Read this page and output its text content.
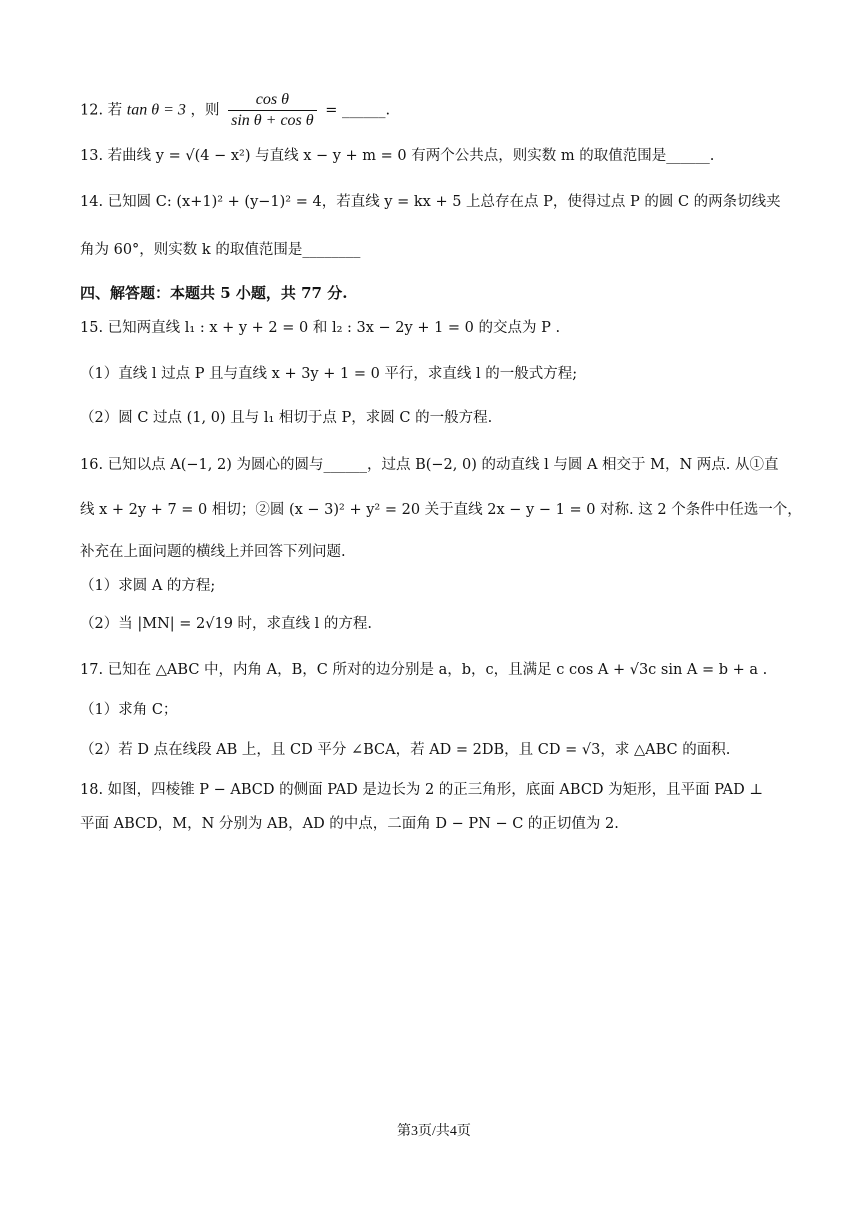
12. 若 tan θ = 3 ，则 $\frac{\text{cos θ}}{\text{sin θ + cos θ}}$ = ______.
13. 若曲线 y = √(4 − x²) 与直线 x − y + m = 0 有两个公共点，则实数 m 的取值范围是______.
14. 已知圆 C: (x+1)² + (y−1)² = 4，若直线 y = kx + 5 上总存在点 P，使得过点 P 的圆 C 的两条切线夹
角为 60°，则实数 k 的取值范围是________
四、解答题：本题共 5 小题，共 77 分.
15. 已知两直线 l₁ : x + y + 2 = 0 和 l₂ : 3x − 2y + 1 = 0 的交点为 P .
（1）直线 l 过点 P 且与直线 x + 3y + 1 = 0 平行，求直线 l 的一般式方程;
（2）圆 C 过点 (1, 0) 且与 l₁ 相切于点 P，求圆 C 的一般方程.
16. 已知以点 A(−1, 2) 为圆心的圆与______，过点 B(−2, 0) 的动直线 l 与圆 A 相交于 M，N 两点. 从①直
线 x + 2y + 7 = 0 相切；②圆 (x − 3)² + y² = 20 关于直线 2x − y − 1 = 0 对称. 这 2 个条件中任选一个，
补充在上面问题的横线上并回答下列问题.
（1）求圆 A 的方程;
（2）当 |MN| = 2√19 时，求直线 l 的方程.
17. 已知在 △ABC 中，内角 A，B，C 所对的边分别是 a，b，c，且满足 c cos A + √3c sin A = b + a .
（1）求角 C；
（2）若 D 点在线段 AB 上，且 CD 平分 ∠BCA，若 AD = 2DB，且 CD = √3，求 △ABC 的面积.
18. 如图，四棱锥 P − ABCD 的侧面 PAD 是边长为 2 的正三角形，底面 ABCD 为矩形，且平面 PAD ⊥
平面 ABCD，M，N 分别为 AB，AD 的中点，二面角 D − PN − C 的正切值为 2.
第3页/共4页
